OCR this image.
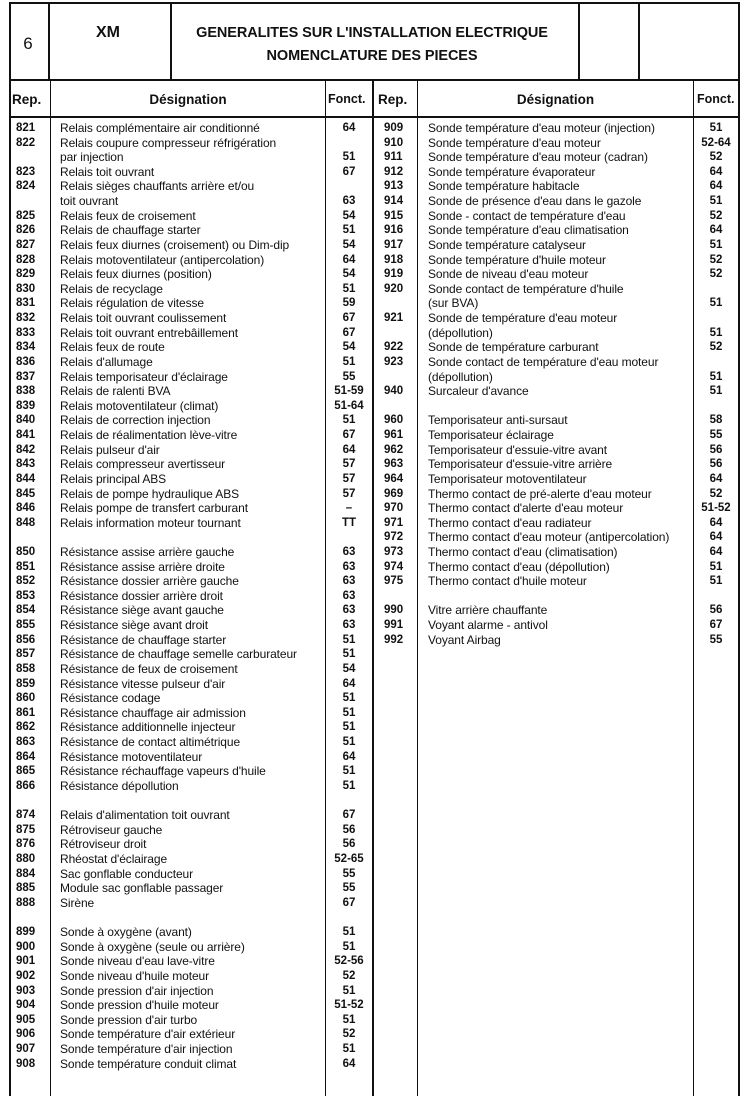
6
XM	GENERALITES SUR L'INSTALLATION ELECTRIQUE
NOMENCLATURE DES PIECES
Rep.	Désignation	Fonct. Rep.	Désignation	Fonct.
821 Relais complémentaire air conditionné	64
822 Relais coupure compresseur réfrigération
par injection	51
823 Relais toit ouvrant	67
824 Relais sièges chauffants arrière et/ou
toit ouvrant	63
825 Relais feux de croisement	54
826 Relais de chauffage starter	51
827 Relais feux diurnes (croisement) ou Dim-dip	54
828 Relais motoventilateur (antipercolation)	64
829 Relais feux diurnes (position)	54
830 Relais de recyclage	51
831 Relais régulation de vitesse	59
832 Relais toit ouvrant coulissement	67
833 Relais toit ouvrant entrebâillement	67
834 Relais feux de route	54
836 Relais d'allumage	51
837 Relais temporisateur d'éclairage	55
838 Relais de ralenti BVA	51-59
839 Relais motoventilateur (climat)	51-64
840 Relais de correction injection	51
841 Relais de réalimentation lève-vitre	67
842 Relais pulseur d'air	64
843 Relais compresseur avertisseur	57
844 Relais principal ABS	57
845 Relais de pompe hydraulique ABS	57
846 Relais pompe de transfert carburant	–
848 Relais information moteur tournant	TT
850 Résistance assise arrière gauche	63
851 Résistance assise arrière droite	63
852 Résistance dossier arrière gauche	63
853 Résistance dossier arrière droit	63
854 Résistance siège avant gauche	63
855 Résistance siège avant droit	63
856 Résistance de chauffage starter	51
857 Résistance de chauffage semelle carburateur	51
858 Résistance de feux de croisement	54
859 Résistance vitesse pulseur d'air	64
860 Résistance codage	51
861 Résistance chauffage air admission	51
862 Résistance additionnelle injecteur	51
863 Résistance de contact altimétrique	51
864 Résistance motoventilateur	64
865 Résistance réchauffage vapeurs d'huile	51
866 Résistance dépollution	51
874 Relais d'alimentation toit ouvrant	67
875 Rétroviseur gauche	56
876 Rétroviseur droit	56
880 Rhéostat d'éclairage	52-65
884 Sac gonflable conducteur	55
885 Module sac gonflable passager	55
888 Sirène	67
899 Sonde à oxygène (avant)	51
900 Sonde à oxygène (seule ou arrière)	51
901 Sonde niveau d'eau lave-vitre	52-56
902 Sonde niveau d'huile moteur	52
903 Sonde pression d'air injection	51
904 Sonde pression d'huile moteur	51-52
905 Sonde pression d'air turbo	51
906 Sonde température d'air extérieur	52
907 Sonde température d'air injection	51
908 Sonde température conduit climat	64
909 Sonde température d'eau moteur (injection)	51
910 Sonde température d'eau moteur	52-64
911 Sonde température d'eau moteur (cadran)	52
912 Sonde température évaporateur	64
913 Sonde température habitacle	64
914 Sonde de présence d'eau dans le gazole	51
915 Sonde - contact de température d'eau	52
916 Sonde température d'eau climatisation	64
917 Sonde température catalyseur	51
918 Sonde température d'huile moteur	52
919 Sonde de niveau d'eau moteur	52
920 Sonde contact de température d'huile
(sur BVA)	51
921 Sonde de température d'eau moteur
(dépollution)	51
922 Sonde de température carburant	52
923 Sonde contact de température d'eau moteur
(dépollution)	51
940 Surcaleur d'avance	51
960 Temporisateur anti-sursaut	58
961 Temporisateur éclairage	55
962 Temporisateur d'essuie-vitre avant	56
963 Temporisateur d'essuie-vitre arrière	56
964 Temporisateur motoventilateur	64
969 Thermo contact de pré-alerte d'eau moteur	52
970 Thermo contact d'alerte d'eau moteur	51-52
971 Thermo contact d'eau radiateur	64
972 Thermo contact d'eau moteur (antipercolation)	64
973 Thermo contact d'eau (climatisation)	64
974 Thermo contact d'eau (dépollution)	51
975 Thermo contact d'huile moteur	51
990 Vitre arrière chauffante	56
991 Voyant alarme - antivol	67
992 Voyant Airbag	55
